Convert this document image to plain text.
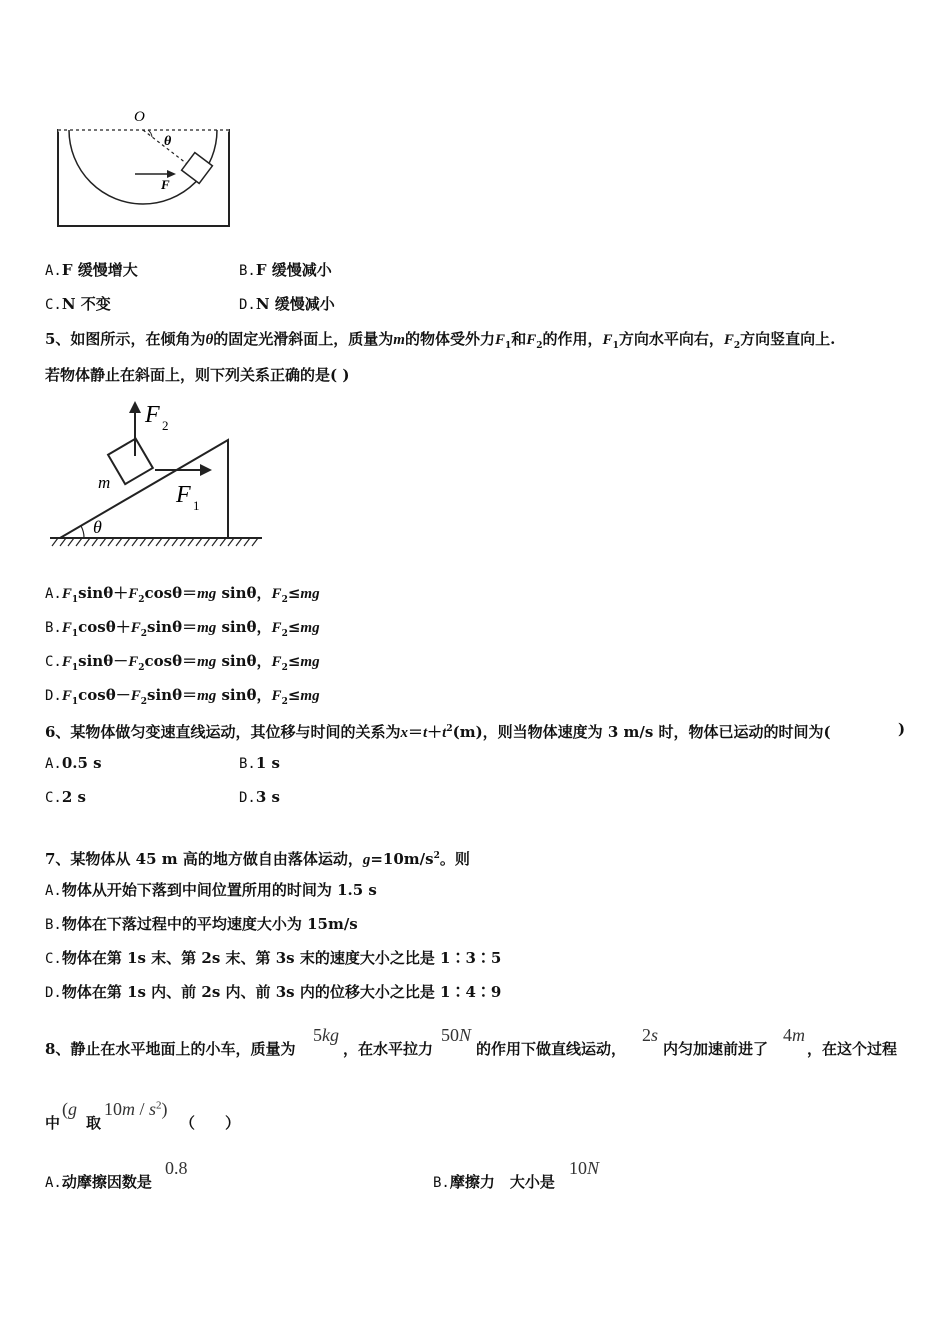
O
θ
F
A.F 缓慢增大	B.F 缓慢减小
C.N 不变	D.N 缓慢减小
5、如图所示，在倾角为θ的固定光滑斜面上，质量为m的物体受外力$F_1$和$F_2$的作用，$F_1$方向水平向右，$F_2$方向竖直向上.
若物体静止在斜面上，则下列关系正确的是( )
F 2
m	F 1
θ
$A.F_1\sin\theta+F_2\cos\theta=mg$ sinθ，$F_2\le mg$
$B.F_1\cos\theta+F_2\sin\theta=mg$ sinθ，$F_2\le mg$
$C.F_1\sin\theta-F_2\cos\theta=mg$ sinθ，$F_2\le mg$
$D.F_1\cos\theta-F_2\sin\theta=mg$ sinθ，$F_2\le mg$
6、某物体做匀变速直线运动，其位移与时间的关系为$x=t+t^2(m)$，则当物体速度为 3 m/s 时，物体已运动的时间为(	)
A.0.5 s	B.1 s
C.2 s	D.3 s
7、某物体从 45 m 高的地方做自由落体运动，$g=10m/s^2$。则
A.物体从开始下落到中间位置所用的时间为 1.5 s
B.物体在下落过程中的平均速度大小为 15m/s
C.物体在第 1s 末、第 2s 末、第 3s 末的速度大小之比是 1∶3∶5
D.物体在第 1s 内、前 2s 内、前 3s 内的位移大小之比是 1∶4∶9
8、静止在水平地面上的小车，质量为
5kg
，在水平拉力
50N
的作用下做直线运动，
2s
内匀加速前进了
4m
，在这个过程
中
(g
取
$10m / s^2$)
（　　）
A.动摩擦因数是
0.8
B.摩擦力　大小是
10N
